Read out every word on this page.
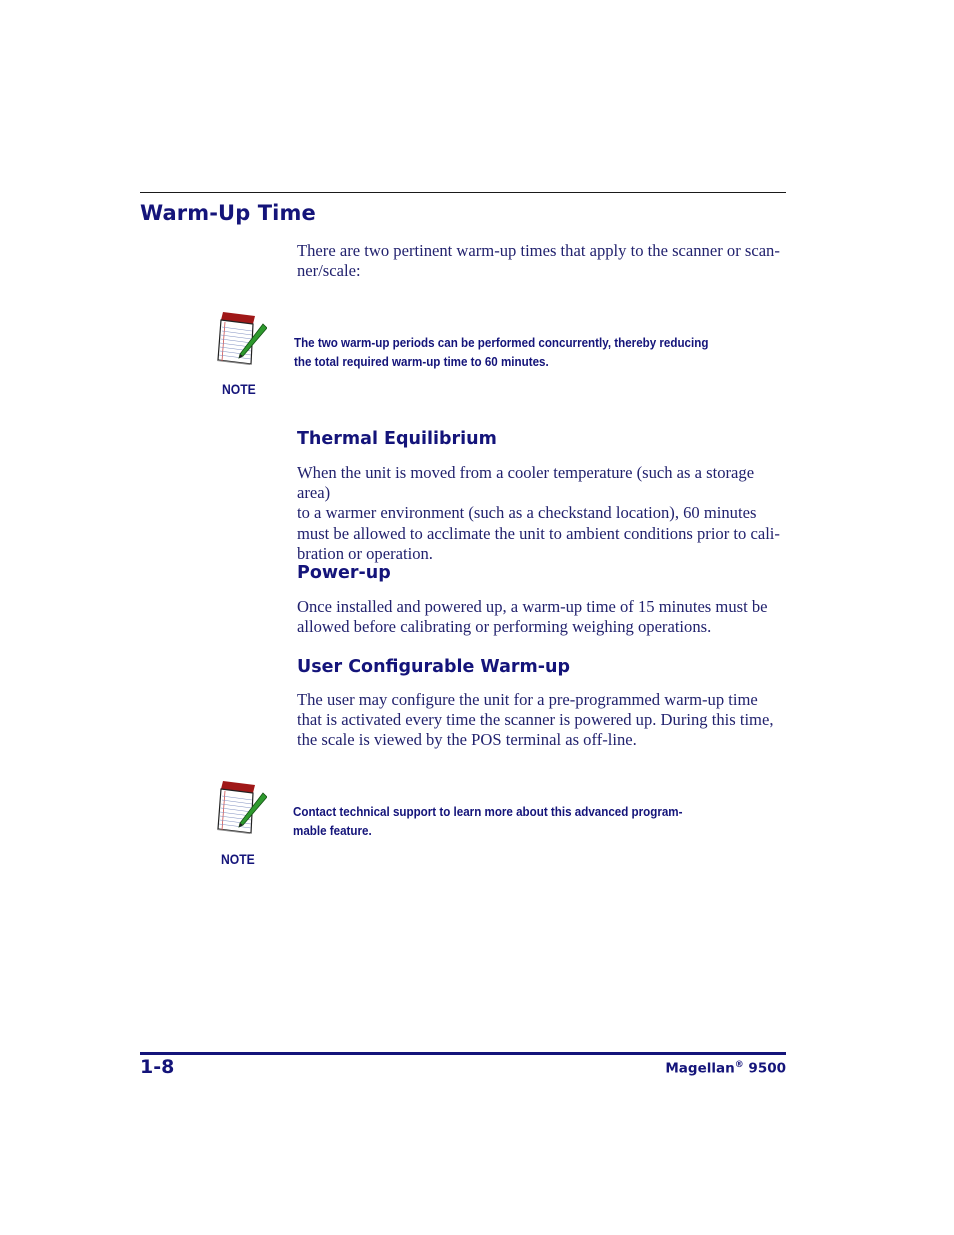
Warm-Up Time

There are two pertinent warm-up times that apply to the scanner or scan-ner/scale:

The two warm-up periods can be performed concurrently, thereby reducing
the total required warm-up time to 60 minutes.

NOTE

Thermal Equilibrium

When the unit is moved from a cooler temperature (such as a storage area)
to a warmer environment (such as a checkstand location), 60 minutes
must be allowed to acclimate the unit to ambient conditions prior to cali-
bration or operation.

Power-up

Once installed and powered up, a warm-up time of 15 minutes must be
allowed before calibrating or performing weighing operations.

User Configurable Warm-up

The user may configure the unit for a pre-programmed warm-up time
that is activated every time the scanner is powered up. During this time,
the scale is viewed by the POS terminal as off-line.

Contact technical support to learn more about this advanced program-
mable feature.

NOTE

1-8	Magellan® 9500
